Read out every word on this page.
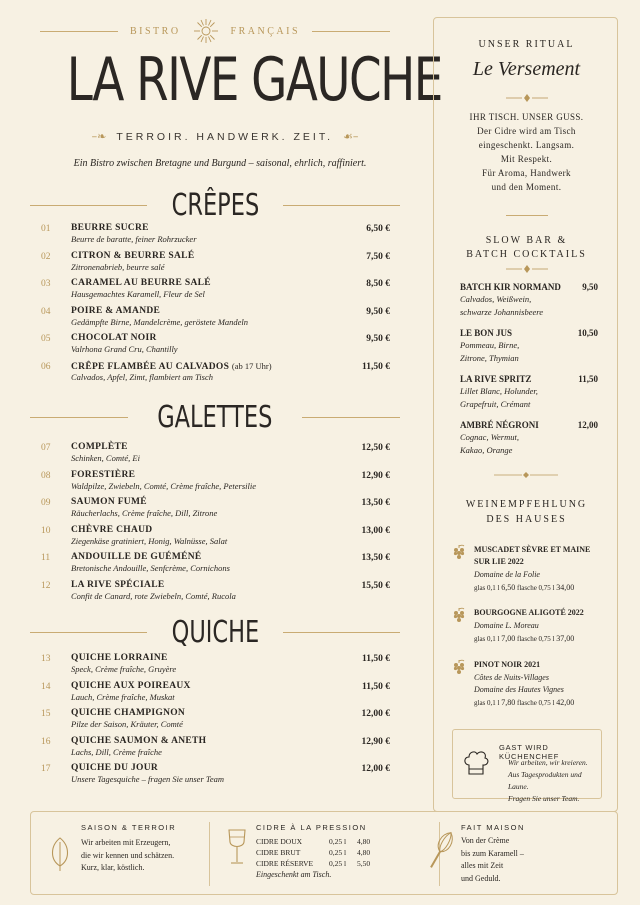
BISTRO	FRANÇAIS
LA RIVE GAUCHE
–❧ TERROIR. HANDWERK. ZEIT. ☙–
Ein Bistro zwischen Bretagne und Burgund – saisonal, ehrlich, raffiniert.
CRÊPES
01 BEURRE SUCRE
Beurre de baratte, feiner Rohrzucker
6,50 €
02 CITRON & BEURRE SALÉ
Zitronenabrieb, beurre salé
7,50 €
03 CARAMEL AU BEURRE SALÉ
Hausgemachtes Karamell, Fleur de Sel
8,50 €
04 POIRE & AMANDE
Gedämpfte Birne, Mandelcrème, geröstete Mandeln
9,50 €
05 CHOCOLAT NOIR
Valrhona Grand Cru, Chantilly
9,50 €
06 CRÊPE FLAMBÉE AU CALVADOS (ab 17 Uhr)
Calvados, Apfel, Zimt, flambiert am Tisch
11,50 €
GALETTES
07 COMPLÈTE
Schinken, Comté, Ei
12,50 €
08 FORESTIÈRE
Waldpilze, Zwiebeln, Comté, Crème fraîche, Petersilie
12,90 €
09 SAUMON FUMÉ
Räucherlachs, Crème fraîche, Dill, Zitrone
13,50 €
10 CHÈVRE CHAUD
Ziegenkäse gratiniert, Honig, Walnüsse, Salat
13,00 €
11 ANDOUILLE DE GUÉMÉNÉ
Bretonische Andouille, Senfcrème, Cornichons
13,50 €
12 LA RIVE SPÉCIALE
Confit de Canard, rote Zwiebeln, Comté, Rucola
15,50 €
QUICHE
13 QUICHE LORRAINE
Speck, Crème fraîche, Gruyère
11,50 €
14 QUICHE AUX POIREAUX
Lauch, Crème fraîche, Muskat
11,50 €
15 QUICHE CHAMPIGNON
Pilze der Saison, Kräuter, Comté
12,00 €
16 QUICHE SAUMON & ANETH
Lachs, Dill, Crème fraîche
12,90 €
17 QUICHE DU JOUR
Unsere Tagesquiche – fragen Sie unser Team
12,00 €
UNSER RITUAL
Le Versement
IHR TISCH. UNSER GUSS.
Der Cidre wird am Tisch
eingeschenkt. Langsam.
Mit Respekt.
Für Aroma, Handwerk
und den Moment.
SLOW BAR &
BATCH COCKTAILS
BATCH KIR NORMAND	9,50
Calvados, Weißwein,
schwarze Johannisbeere
LE BON JUS	10,50
Pommeau, Birne,
Zitrone, Thymian
LA RIVE SPRITZ	11,50
Lillet Blanc, Holunder,
Grapefruit, Crémant
AMBRÉ NÉGRONI	12,00
Cognac, Wermut,
Kakao, Orange
WEINEMPFEHLUNG
DES HAUSES
MUSCADET SÈVRE ET MAINE
SUR LIE 2022
Domaine de la Folie
glas 0,1 l 6,50 flasche 0,75 l 34,00
BOURGOGNE ALIGOTÉ 2022
Domaine L. Moreau
glas 0,1 l 7,00 flasche 0,75 l 37,00
PINOT NOIR 2021
Côtes de Nuits-Villages
Domaine des Hautes Vignes
glas 0,1 l 7,80 flasche 0,75 l 42,00
GAST WIRD KÜCHENCHEF
Wir arbeiten, wir kreieren.
Aus Tagesprodukten und Laune.
Fragen Sie unser Team.
SAISON & TERROIR
Wir arbeiten mit Erzeugern,
die wir kennen und schätzen.
Kurz, klar, köstlich.
CIDRE À LA PRESSION
CIDRE DOUX	0,25 l 4,80
CIDRE BRUT	0,25 l 4,80
CIDRE RÉSERVE 0,25 l 5,50
Eingeschenkt am Tisch.
FAIT MAISON
Von der Crème
bis zum Karamell –
alles mit Zeit
und Geduld.
